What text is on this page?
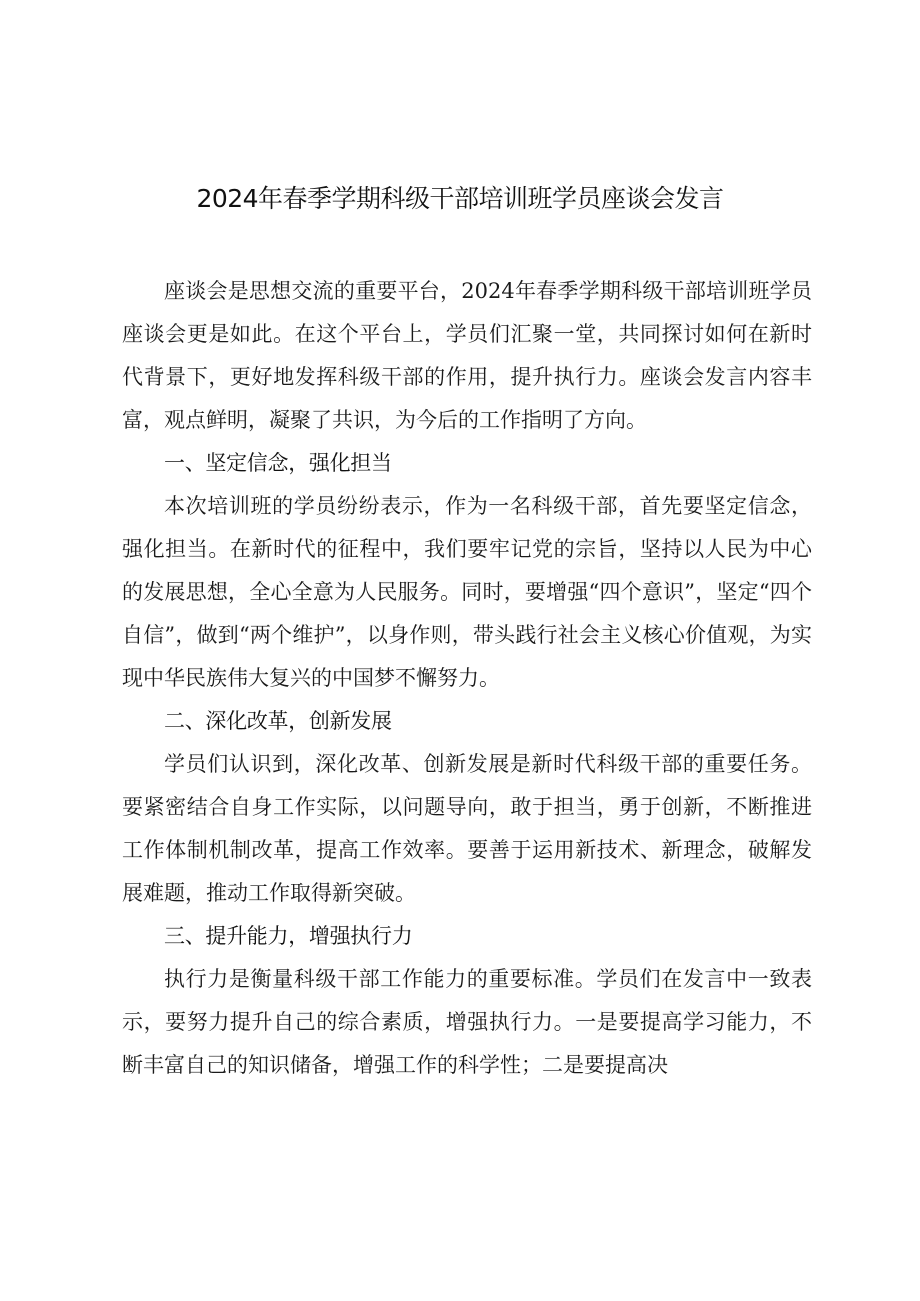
2024年春季学期科级干部培训班学员座谈会发言

座谈会是思想交流的重要平台，2024年春季学期科级干部培训班学员座谈会更是如此。在这个平台上，学员们汇聚一堂，共同探讨如何在新时代背景下，更好地发挥科级干部的作用，提升执行力。座谈会发言内容丰富，观点鲜明，凝聚了共识，为今后的工作指明了方向。

一、坚定信念，强化担当

本次培训班的学员纷纷表示，作为一名科级干部，首先要坚定信念，强化担当。在新时代的征程中，我们要牢记党的宗旨，坚持以人民为中心的发展思想，全心全意为人民服务。同时，要增强“四个意识”，坚定“四个自信”，做到“两个维护”，以身作则，带头践行社会主义核心价值观，为实现中华民族伟大复兴的中国梦不懈努力。

二、深化改革，创新发展

学员们认识到，深化改革、创新发展是新时代科级干部的重要任务。要紧密结合自身工作实际，以问题导向，敢于担当，勇于创新，不断推进工作体制机制改革，提高工作效率。要善于运用新技术、新理念，破解发展难题，推动工作取得新突破。

三、提升能力，增强执行力

执行力是衡量科级干部工作能力的重要标准。学员们在发言中一致表示，要努力提升自己的综合素质，增强执行力。一是要提高学习能力，不断丰富自己的知识储备，增强工作的科学性；二是要提高决
